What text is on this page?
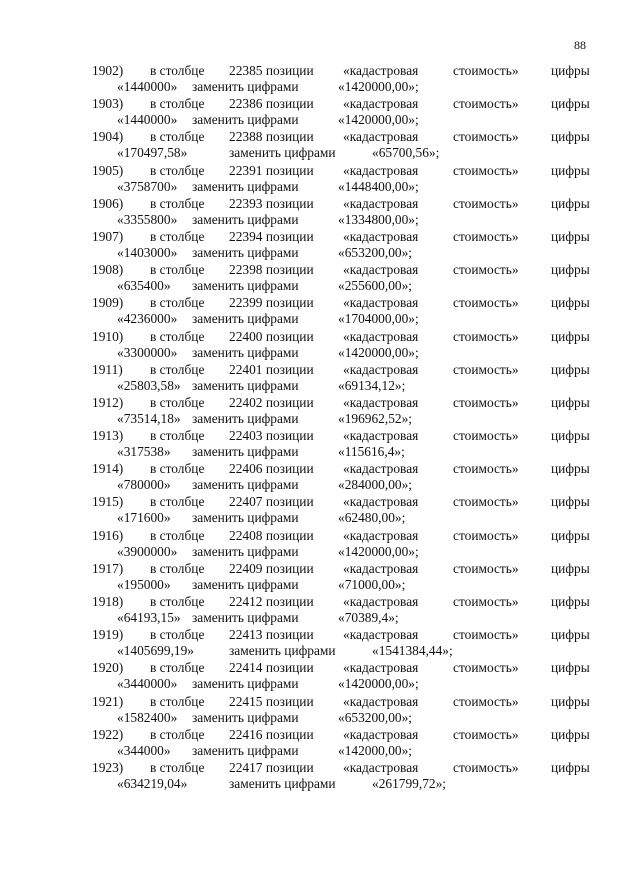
88
1902) в столбце 22385 позиции «кадастровая	стоимость» цифры
«1440000» заменить цифрами	«1420000,00»;
1903) в столбце 22386 позиции «кадастровая	стоимость» цифры
«1440000» заменить цифрами	«1420000,00»;
1904) в столбце 22388 позиции «кадастровая	стоимость» цифры
«170497,58»	заменить цифрами	«65700,56»;
1905) в столбце 22391 позиции «кадастровая	стоимость» цифры
«3758700» заменить цифрами	«1448400,00»;
1906) в столбце 22393 позиции «кадастровая	стоимость» цифры
«3355800» заменить цифрами	«1334800,00»;
1907) в столбце 22394 позиции «кадастровая	стоимость» цифры
«1403000» заменить цифрами	«653200,00»;
1908) в столбце 22398 позиции «кадастровая	стоимость» цифры
«635400» заменить цифрами	«255600,00»;
1909) в столбце 22399 позиции «кадастровая	стоимость» цифры
«4236000» заменить цифрами	«1704000,00»;
1910) в столбце 22400 позиции «кадастровая	стоимость» цифры
«3300000» заменить цифрами	«1420000,00»;
1911) в столбце 22401 позиции «кадастровая	стоимость» цифры
«25803,58» заменить цифрами	«69134,12»;
1912) в столбце 22402 позиции «кадастровая	стоимость» цифры
«73514,18» заменить цифрами	«196962,52»;
1913) в столбце 22403 позиции «кадастровая	стоимость» цифры
«317538» заменить цифрами	«115616,4»;
1914) в столбце 22406 позиции «кадастровая	стоимость» цифры
«780000» заменить цифрами	«284000,00»;
1915) в столбце 22407 позиции «кадастровая	стоимость» цифры
«171600» заменить цифрами	«62480,00»;
1916) в столбце 22408 позиции «кадастровая	стоимость» цифры
«3900000» заменить цифрами	«1420000,00»;
1917) в столбце 22409 позиции «кадастровая	стоимость» цифры
«195000» заменить цифрами	«71000,00»;
1918) в столбце 22412 позиции «кадастровая	стоимость» цифры
«64193,15» заменить цифрами	«70389,4»;
1919) в столбце 22413 позиции «кадастровая	стоимость» цифры
«1405699,19»	заменить цифрами	«1541384,44»;
1920) в столбце 22414 позиции «кадастровая	стоимость» цифры
«3440000» заменить цифрами	«1420000,00»;
1921) в столбце 22415 позиции «кадастровая	стоимость» цифры
«1582400» заменить цифрами	«653200,00»;
1922) в столбце 22416 позиции «кадастровая	стоимость» цифры
«344000» заменить цифрами	«142000,00»;
1923) в столбце 22417 позиции «кадастровая	стоимость» цифры
«634219,04»	заменить цифрами	«261799,72»;
